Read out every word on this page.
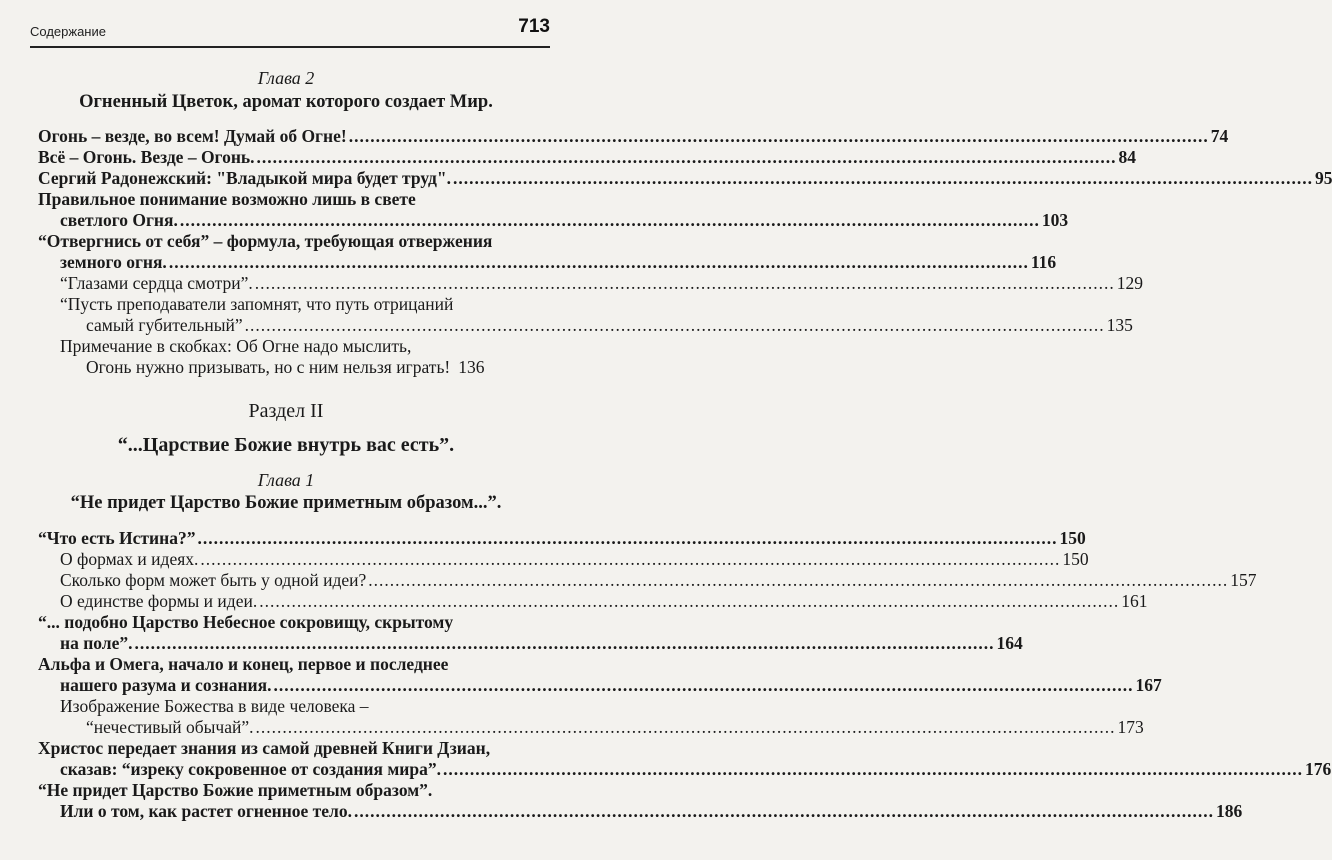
Содержание	713
Глава 2
Огненный Цветок, аромат которого создает Мир.
Огонь – везде, во всем! Думай об Огне! .....	74
Всё – Огонь. Везде – Огонь. .....	84
Сергий Радонежский: "Владыкой мира будет труд". .....	95
Правильное понимание возможно лишь в свете
светлого Огня. .....	103
“Отвергнись от себя” – формула, требующая отвержения
земного огня. .....	116
“Глазами сердца смотри”. .....	129
“Пусть преподаватели запомнят, что путь отрицаний
самый губительный” .....	135
Примечание в скобках: Об Огне надо мыслить,
Огонь нужно призывать, но с ним нельзя играть! 136
Раздел II
“...Царствие Божие внутрь вас есть”.
Глава 1
“Не придет Царство Божие приметным образом...”.
“Что есть Истина?” .....	150
О формах и идеях. .....	150
Сколько форм может быть у одной идеи? .....	157
О единстве формы и идеи. .....	161
“... подобно Царство Небесное сокровищу, скрытому
на поле”. .....	164
Альфа и Омега, начало и конец, первое и последнее
нашего разума и сознания. .....	167
Изображение Божества в виде человека –
“нечестивый обычай”. .....	173
Христос передает знания из самой древней Книги Дзиан,
сказав: “изреку сокровенное от создания мира”. .....	176
“Не придет Царство Божие приметным образом”.
Или о том, как растет огненное тело. .....	186
